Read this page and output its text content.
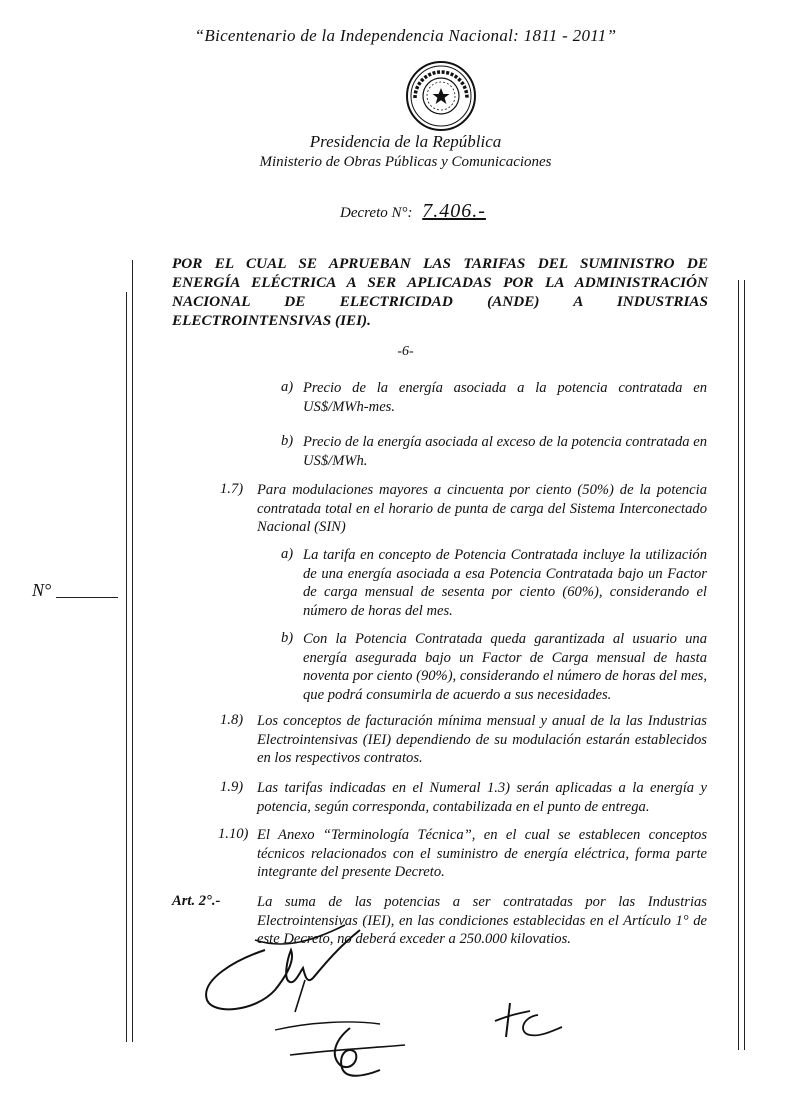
“Bicentenario de la Independencia Nacional: 1811 - 2011”
Presidencia de la República
Ministerio de Obras Públicas y Comunicaciones
Decreto N°: 7.406.-
POR EL CUAL SE APRUEBAN LAS TARIFAS DEL SUMINISTRO DE
ENERGÍA ELÉCTRICA A SER APLICADAS POR LA ADMINISTRACIÓN
NACIONAL DE ELECTRICIDAD (ANDE) A INDUSTRIAS
ELECTROINTENSIVAS (IEI).
-6-
a) Precio de la energía asociada a la potencia contratada en US$/MWh-mes.
b) Precio de la energía asociada al exceso de la potencia contratada en US$/MWh.
1.7) Para modulaciones mayores a cincuenta por ciento (50%) de la potencia contratada total en el horario de punta de carga del Sistema Interconectado Nacional (SIN)
a) La tarifa en concepto de Potencia Contratada incluye la utilización de una energía asociada a esa Potencia Contratada bajo un Factor de carga mensual de sesenta por ciento (60%), considerando el número de horas del mes.
b) Con la Potencia Contratada queda garantizada al usuario una energía asegurada bajo un Factor de Carga mensual de hasta noventa por ciento (90%), considerando el número de horas del mes, que podrá consumirla de acuerdo a sus necesidades.
1.8) Los conceptos de facturación mínima mensual y anual de la las Industrias Electrointensivas (IEI) dependiendo de su modulación estarán establecidos en los respectivos contratos.
1.9) Las tarifas indicadas en el Numeral 1.3) serán aplicadas a la energía y potencia, según corresponda, contabilizada en el punto de entrega.
1.10) El Anexo “Terminología Técnica”, en el cual se establecen conceptos técnicos relacionados con el suministro de energía eléctrica, forma parte integrante del presente Decreto.
Art. 2°.-	La suma de las potencias a ser contratadas por las Industrias Electrointensivas (IEI), en las condiciones establecidas en el Artículo 1° de este Decreto, no deberá exceder a 250.000 kilovatios.
N°
